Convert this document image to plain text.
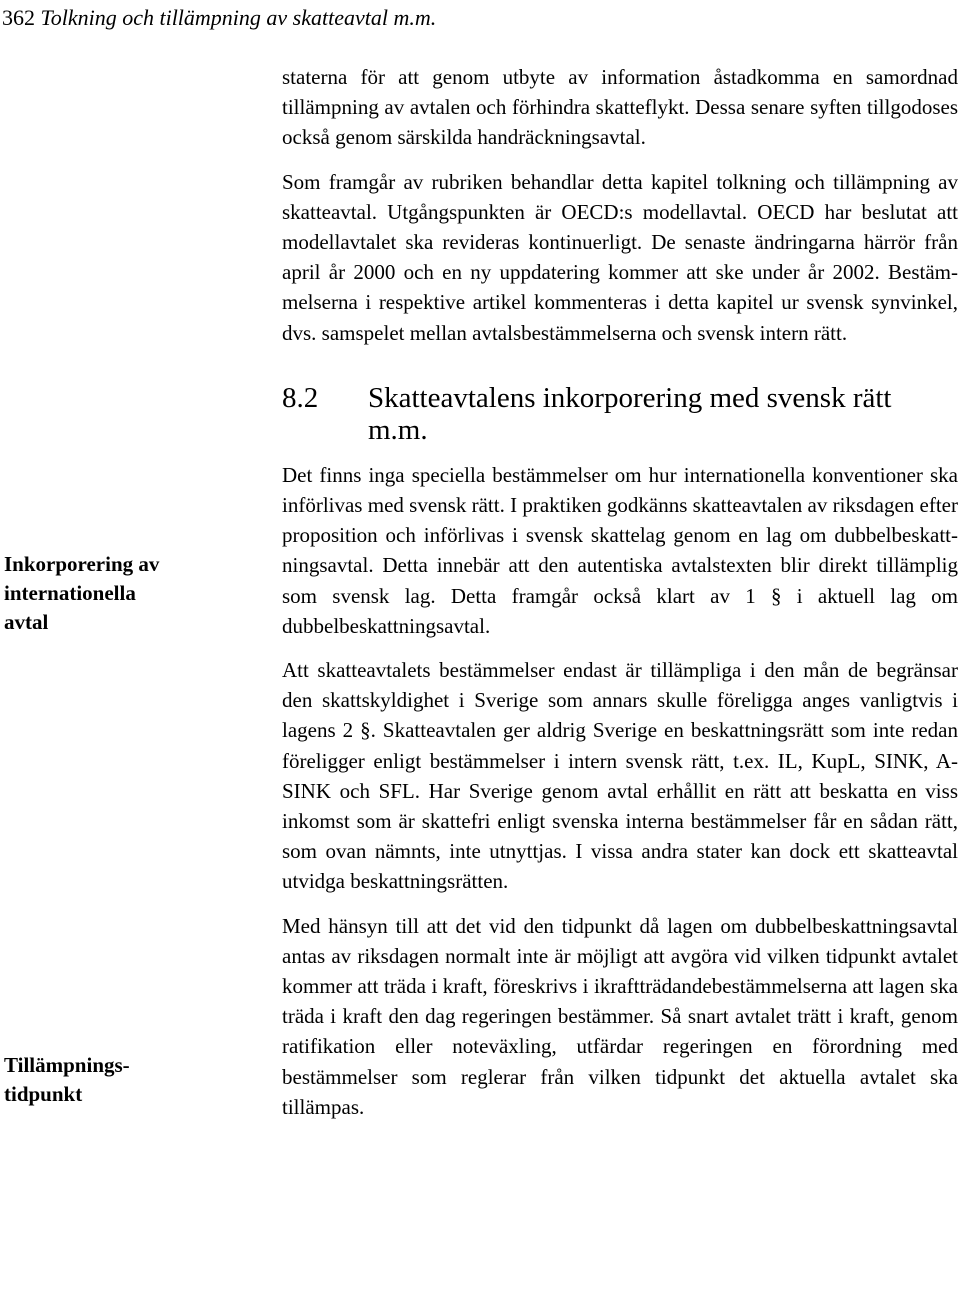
362 Tolkning och tillämpning av skatteavtal m.m.
Inkorporering av
internationella
avtal
Tillämpnings-
tidpunkt

staterna för att genom utbyte av information åstadkomma en samordnad tillämpning av avtalen och förhindra skatteflykt. Dessa senare syften tillgodoses också genom särskilda handräckningsavtal.

Som framgår av rubriken behandlar detta kapitel tolkning och tillämpning av skatteavtal. Utgångspunkten är OECD:s modellavtal. OECD har beslutat att modellavtalet ska revideras kontinuerligt. De senaste ändringarna härrör från april år 2000 och en ny uppdatering kommer att ske under år 2002. Bestämmelserna i respektive artikel kommenteras i detta kapitel ur svensk synvinkel, dvs. samspelet mellan avtalsbestämmelserna och svensk intern rätt.

8.2	Skatteavtalens inkorporering med svensk rätt m.m.

Det finns inga speciella bestämmelser om hur internationella konventioner ska införlivas med svensk rätt. I praktiken godkänns skatteavtalen av riksdagen efter proposition och införlivas i svensk skattelag genom en lag om dubbelbeskattningsavtal. Detta innebär att den autentiska avtalstexten blir direkt tillämplig som svensk lag. Detta framgår också klart av 1 § i aktuell lag om dubbelbeskattningsavtal.

Att skatteavtalets bestämmelser endast är tillämpliga i den mån de begränsar den skattskyldighet i Sverige som annars skulle föreligga anges vanligtvis i lagens 2 §. Skatteavtalen ger aldrig Sverige en beskattningsrätt som inte redan föreligger enligt bestämmelser i intern svensk rätt, t.ex. IL, KupL, SINK, A-SINK och SFL. Har Sverige genom avtal erhållit en rätt att beskatta en viss inkomst som är skattefri enligt svenska interna bestämmelser får en sådan rätt, som ovan nämnts, inte utnyttjas. I vissa andra stater kan dock ett skatteavtal utvidga beskattningsrätten.

Med hänsyn till att det vid den tidpunkt då lagen om dubbelbeskattningsavtal antas av riksdagen normalt inte är möjligt att avgöra vid vilken tidpunkt avtalet kommer att träda i kraft, föreskrivs i ikraftträdandebestämmelserna att lagen ska träda i kraft den dag regeringen bestämmer. Så snart avtalet trätt i kraft, genom ratifikation eller noteväxling, utfärdar regeringen en förordning med bestämmelser som reglerar från vilken tidpunkt det aktuella avtalet ska tillämpas.
